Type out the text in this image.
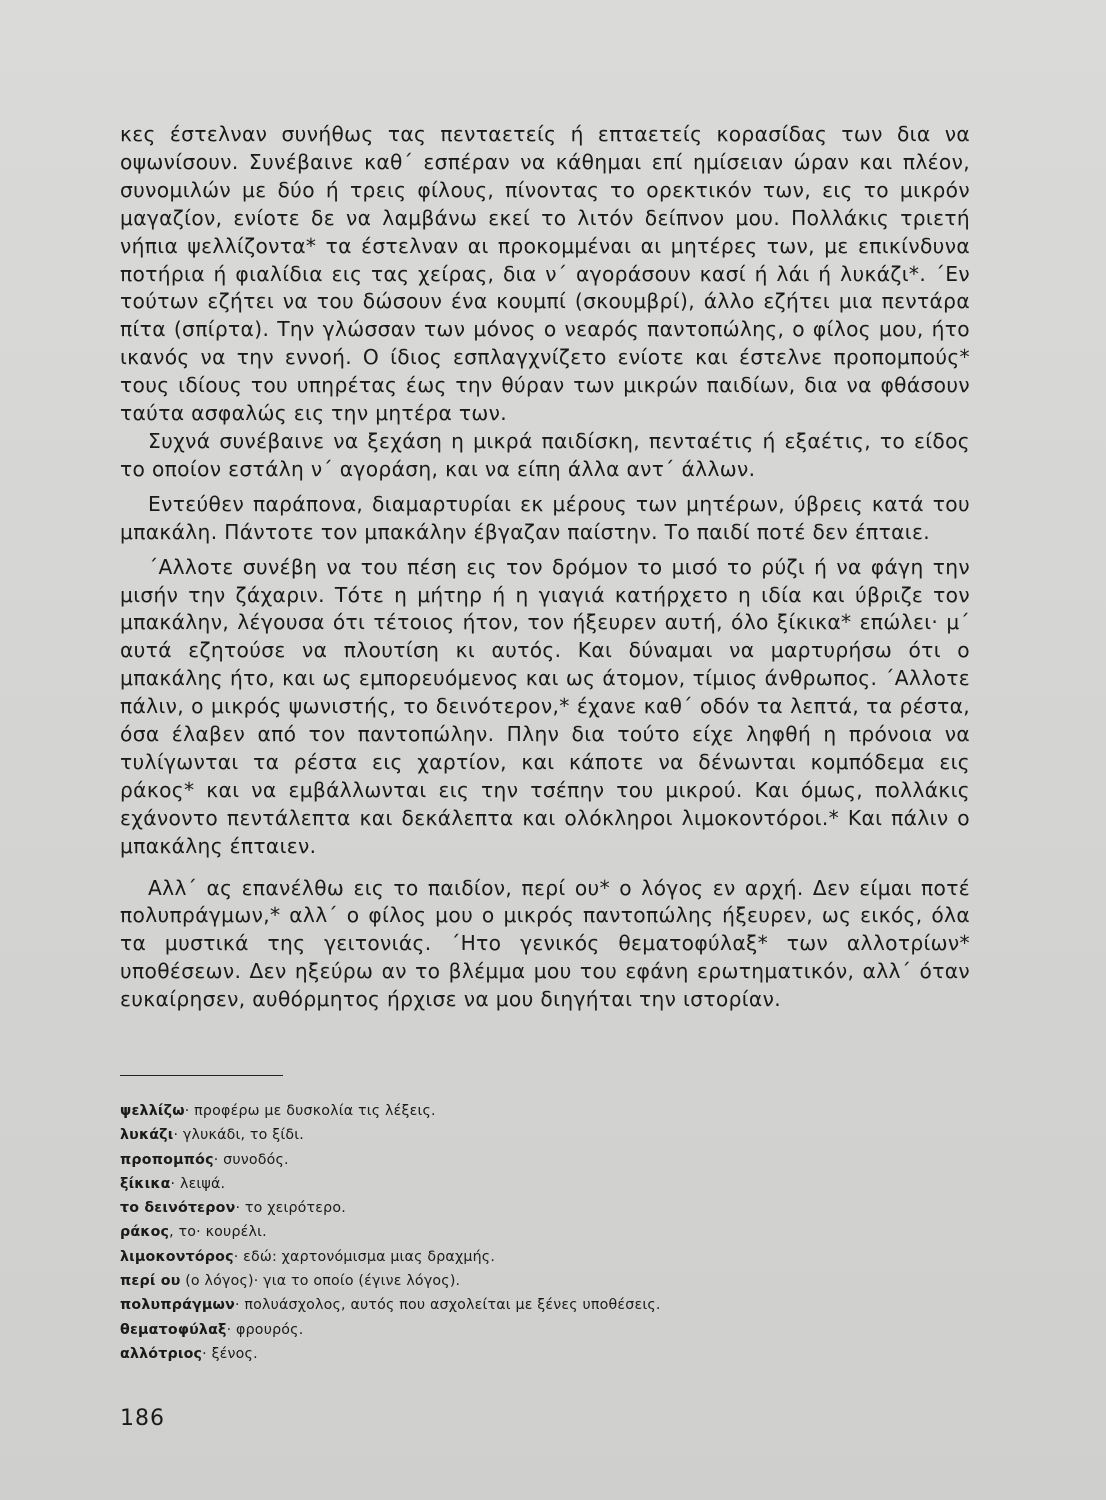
κες έστελναν συνήθως τας πενταετείς ή επταετείς κορασίδας των δια να οψωνίσουν. Συνέβαινε καθ΄ εσπέραν να κάθημαι επί ημίσειαν ώραν και πλέον, συνομιλών με δύο ή τρεις φίλους, πίνοντας το ορεκτικόν των, εις το μικρόν μαγαζίον, ενίοτε δε να λαμβάνω εκεί το λιτόν δείπνον μου. Πολλάκις τριετή νήπια ψελλίζοντα* τα έστελναν αι προκομμέναι αι μητέρες των, με επικίνδυνα ποτήρια ή φιαλίδια εις τας χείρας, δια ν΄ αγοράσουν κασί ή λάι ή λυκάζι*. ΄Εν τούτων εζήτει να του δώσουν ένα κουμπί (σκουμβρί), άλλο εζήτει μια πεντάρα πίτα (σπίρτα). Την γλώσσαν των μόνος ο νεαρός παντοπώλης, ο φίλος μου, ήτο ικανός να την εννοή. Ο ίδιος εσπλαγχνίζετο ενίοτε και έστελνε προπομπούς* τους ιδίους του υπηρέτας έως την θύραν των μικρών παιδίων, δια να φθάσουν ταύτα ασφαλώς εις την μητέρα των.

Συχνά συνέβαινε να ξεχάση η μικρά παιδίσκη, πενταέτις ή εξαέτις, το είδος το οποίον εστάλη ν΄ αγοράση, και να είπη άλλα αντ΄ άλλων.

Εντεύθεν παράπονα, διαμαρτυρίαι εκ μέρους των μητέρων, ύβρεις κατά του μπακάλη. Πάντοτε τον μπακάλην έβγαζαν παίστην. Το παιδί ποτέ δεν έπταιε.

΄Αλλοτε συνέβη να του πέση εις τον δρόμον το μισό το ρύζι ή να φάγη την μισήν την ζάχαριν. Τότε η μήτηρ ή η γιαγιά κατήρχετο η ιδία και ύβριζε τον μπακάλην, λέγουσα ότι τέτοιος ήτον, τον ήξευρεν αυτή, όλο ξίκικα* επώλει· μ΄ αυτά εζητούσε να πλουτίση κι αυτός. Και δύναμαι να μαρτυρήσω ότι ο μπακάλης ήτο, και ως εμπορευόμενος και ως άτομον, τίμιος άνθρωπος. ΄Αλλοτε πάλιν, ο μικρός ψωνιστής, το δεινότερον,* έχανε καθ΄ οδόν τα λεπτά, τα ρέστα, όσα έλαβεν από τον παντοπώλην. Πλην δια τούτο είχε ληφθή η πρόνοια να τυλίγωνται τα ρέστα εις χαρτίον, και κάποτε να δένωνται κομπόδεμα εις ράκος* και να εμβάλλωνται εις την τσέπην του μικρού. Και όμως, πολλάκις εχάνοντο πεντάλεπτα και δεκάλεπτα και ολόκληροι λιμοκοντόροι.* Και πάλιν ο μπακάλης έπταιεν.

Αλλ΄ ας επανέλθω εις το παιδίον, περί ου* ο λόγος εν αρχή. Δεν είμαι ποτέ πολυπράγμων,* αλλ΄ ο φίλος μου ο μικρός παντοπώλης ήξευρεν, ως εικός, όλα τα μυστικά της γειτονιάς. ΄Ητο γενικός θεματοφύλαξ* των αλλοτρίων* υποθέσεων. Δεν ηξεύρω αν το βλέμμα μου του εφάνη ερωτηματικόν, αλλ΄ όταν ευκαίρησεν, αυθόρμητος ήρχισε να μου διηγήται την ιστορίαν.

ψελλίζω· προφέρω με δυσκολία τις λέξεις.
λυκάζι· γλυκάδι, το ξίδι.
προπομπός· συνοδός.
ξίκικα· λειψά.
το δεινότερον· το χειρότερο.
ράκος, το· κουρέλι.
λιμοκοντόρος· εδώ: χαρτονόμισμα μιας δραχμής.
περί ου (ο λόγος)· για το οποίο (έγινε λόγος).
πολυπράγμων· πολυάσχολος, αυτός που ασχολείται με ξένες υποθέσεις.
θεματοφύλαξ· φρουρός.
αλλότριος· ξένος.
186
